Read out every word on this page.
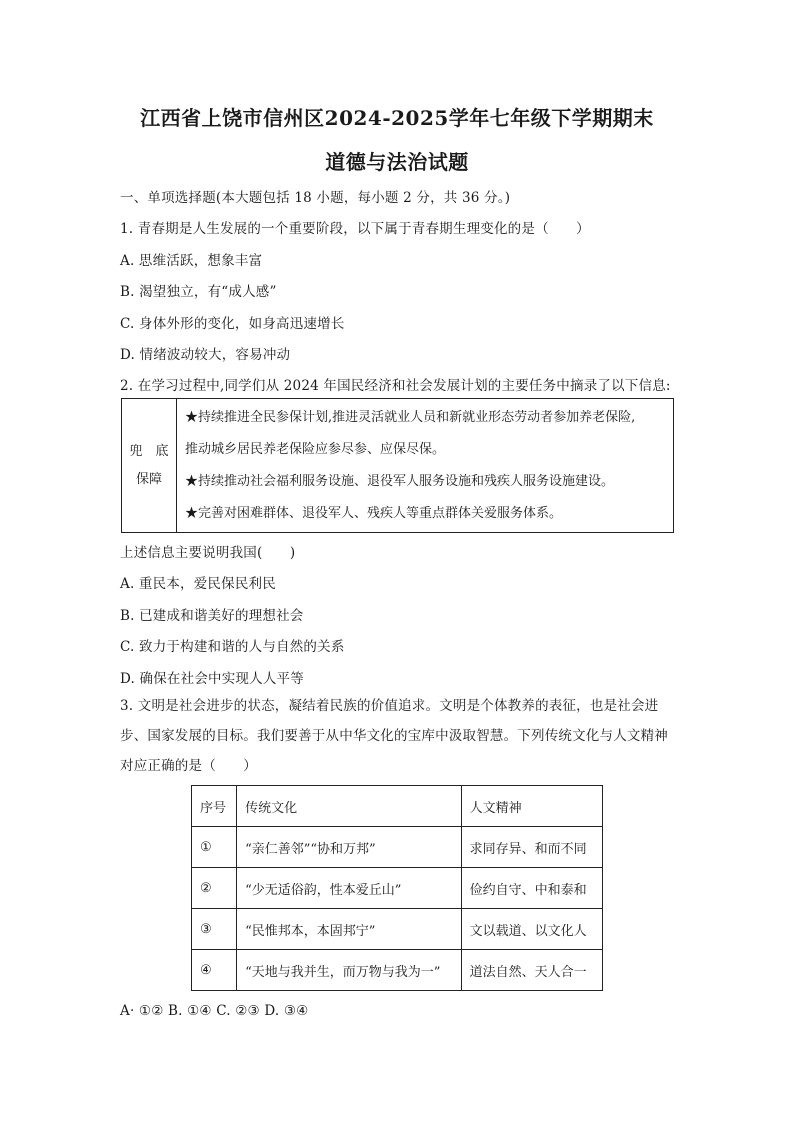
江西省上饶市信州区2024-2025学年七年级下学期期末
道德与法治试题
一、单项选择题(本大题包括 18 小题，每小题 2 分，共 36 分。)
1. 青春期是人生发展的一个重要阶段，以下属于青春期生理变化的是（　　）
A. 思维活跃，想象丰富
B. 渴望独立，有“成人感”
C. 身体外形的变化，如身高迅速增长
D. 情绪波动较大，容易冲动
2. 在学习过程中,同学们从 2024 年国民经济和社会发展计划的主要任务中摘录了以下信息:
兜　底
保障

★持续推进全民参保计划,推进灵活就业人员和新就业形态劳动者参加养老保险,
推动城乡居民养老保险应参尽参、应保尽保。
★持续推动社会福利服务设施、退役军人服务设施和残疾人服务设施建设。
★完善对困难群体、退役军人、残疾人等重点群体关爱服务体系。
上述信息主要说明我国(　　)
A. 重民本，爱民保民利民
B. 已建成和谐美好的理想社会
C. 致力于构建和谐的人与自然的关系
D. 确保在社会中实现人人平等
3. 文明是社会进步的状态，凝结着民族的价值追求。文明是个体教养的表征，也是社会进步、国家发展的目标。我们要善于从中华文化的宝库中汲取智慧。下列传统文化与人文精神对应正确的是（　　）
序号	传统文化	人文精神
①	“亲仁善邻”“协和万邦”	求同存异、和而不同
②	“少无适俗韵，性本爱丘山”	俭约自守、中和泰和
③	“民惟邦本，本固邦宁”	文以载道、以文化人
④	“天地与我并生，而万物与我为一”	道法自然、天人合一
A· ①② B. ①④ C. ②③ D. ③④
